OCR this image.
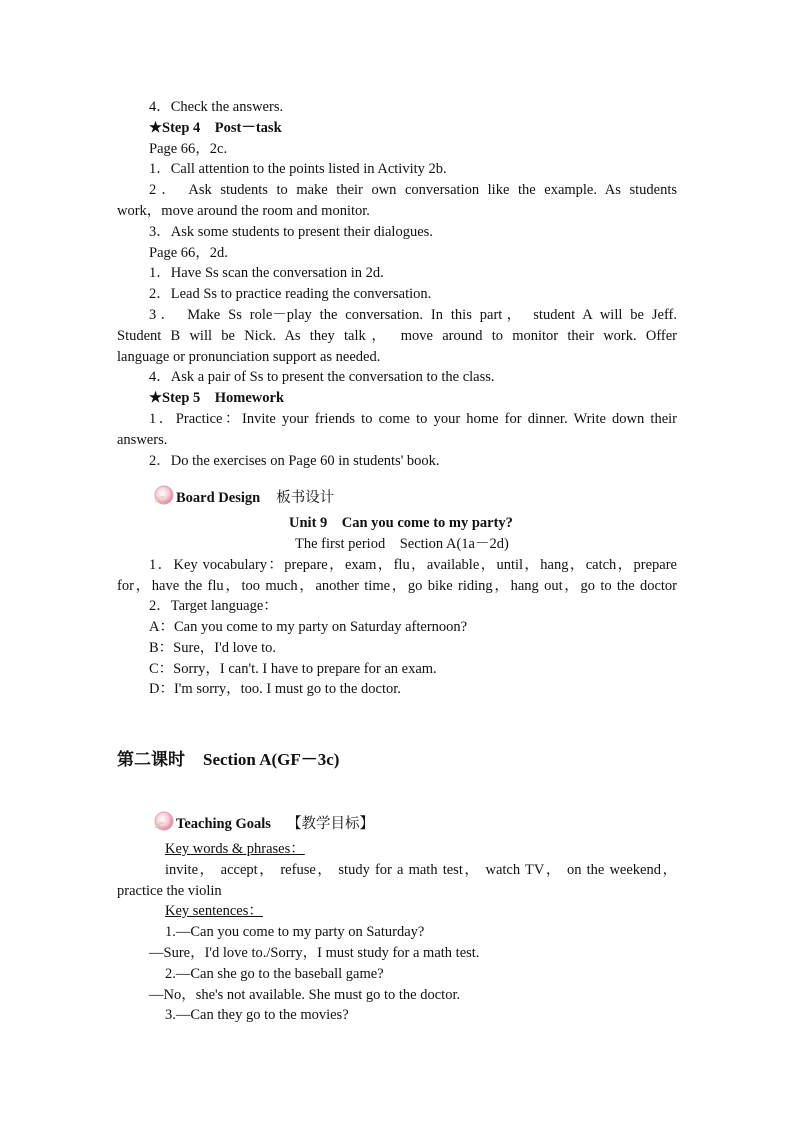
4．Check the answers.
★Step 4　Post－task
Page 66，2c.
1．Call attention to the points listed in Activity 2b.
2． Ask students to make their own conversation like the example. As students
work，move around the room and monitor.
3．Ask some students to present their dialogues.
Page 66，2d.
1．Have Ss scan the conversation in 2d.
2．Lead Ss to practice reading the conversation.
3． Make Ss role－play the conversation. In this part， student A will be Jeff.
Student B will be Nick. As they talk， move around to monitor their work. Offer
language or pronunciation support as needed.
4．Ask a pair of Ss to present the conversation to the class.
★Step 5　Homework
1．Practice：Invite your friends to come to your home for dinner. Write down their
answers.
2．Do the exercises on Page 60 in students' book.
Board Design 板书设计
Unit 9　Can you come to my party?
The first period　Section A(1a－2d)
1．Key vocabulary：prepare，exam，flu，available，until，hang，catch，prepare
for，have the flu，too much，another time，go bike riding，hang out，go to the doctor
2．Target language：
A：Can you come to my party on Saturday afternoon?
B：Sure，I'd love to.
C：Sorry，I can't. I have to prepare for an exam.
D：I'm sorry，too. I must go to the doctor.
第二课时 Section A(GF－3c)
Teaching Goals 【教学目标】
Key words & phrases：
invite， accept， refuse， study for a math test， watch TV， on the weekend，
practice the violin
Key sentences：
1.—Can you come to my party on Saturday?
—Sure，I'd love to./Sorry，I must study for a math test.
2.—Can she go to the baseball game?
—No，she's not available. She must go to the doctor.
3.—Can they go to the movies?
